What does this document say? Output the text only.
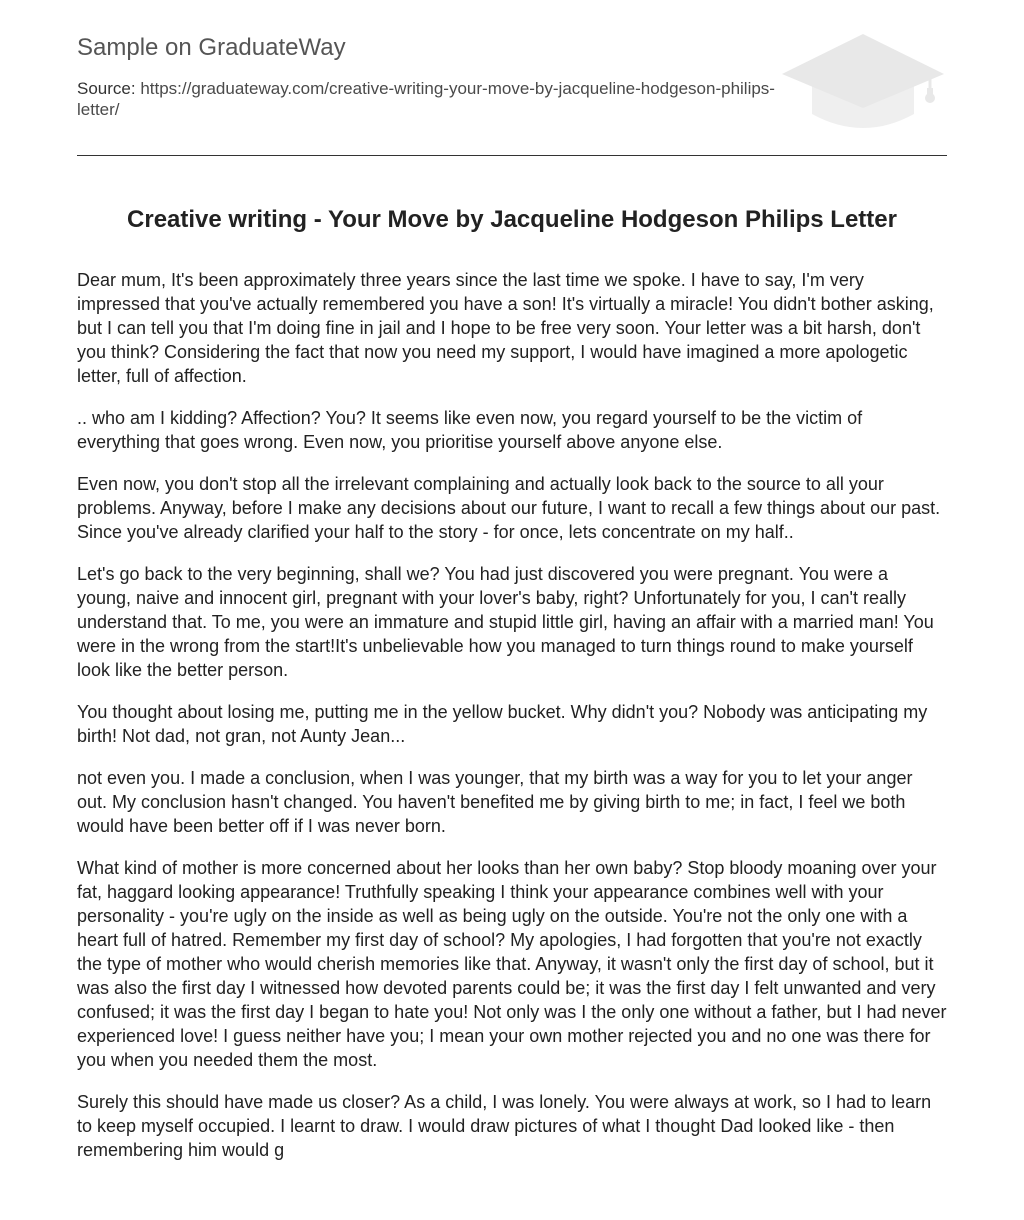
Sample on GraduateWay
Source: https://graduateway.com/creative-writing-your-move-by-jacqueline-hodgeson-philips-letter/
Creative writing - Your Move by Jacqueline Hodgeson Philips Letter

Dear mum, It's been approximately three years since the last time we spoke. I have to say, I'm very impressed that you've actually remembered you have a son! It's virtually a miracle! You didn't bother asking, but I can tell you that I'm doing fine in jail and I hope to be free very soon. Your letter was a bit harsh, don't you think? Considering the fact that now you need my support, I would have imagined a more apologetic letter, full of affection.

.. who am I kidding? Affection? You? It seems like even now, you regard yourself to be the victim of everything that goes wrong. Even now, you prioritise yourself above anyone else.

Even now, you don't stop all the irrelevant complaining and actually look back to the source to all your problems. Anyway, before I make any decisions about our future, I want to recall a few things about our past. Since you've already clarified your half to the story - for once, lets concentrate on my half..

Let's go back to the very beginning, shall we? You had just discovered you were pregnant. You were a young, naive and innocent girl, pregnant with your lover's baby, right? Unfortunately for you, I can't really understand that. To me, you were an immature and stupid little girl, having an affair with a married man! You were in the wrong from the start!It's unbelievable how you managed to turn things round to make yourself look like the better person.

You thought about losing me, putting me in the yellow bucket. Why didn't you? Nobody was anticipating my birth! Not dad, not gran, not Aunty Jean...

not even you. I made a conclusion, when I was younger, that my birth was a way for you to let your anger out. My conclusion hasn't changed. You haven't benefited me by giving birth to me; in fact, I feel we both would have been better off if I was never born.

What kind of mother is more concerned about her looks than her own baby? Stop bloody moaning over your fat, haggard looking appearance! Truthfully speaking I think your appearance combines well with your personality - you're ugly on the inside as well as being ugly on the outside. You're not the only one with a heart full of hatred. Remember my first day of school? My apologies, I had forgotten that you're not exactly the type of mother who would cherish memories like that. Anyway, it wasn't only the first day of school, but it was also the first day I witnessed how devoted parents could be; it was the first day I felt unwanted and very confused; it was the first day I began to hate you! Not only was I the only one without a father, but I had never experienced love! I guess neither have you; I mean your own mother rejected you and no one was there for you when you needed them the most.

Surely this should have made us closer? As a child, I was lonely. You were always at work, so I had to learn to keep myself occupied. I learnt to draw. I would draw pictures of what I thought Dad looked like - then remembering him would g
